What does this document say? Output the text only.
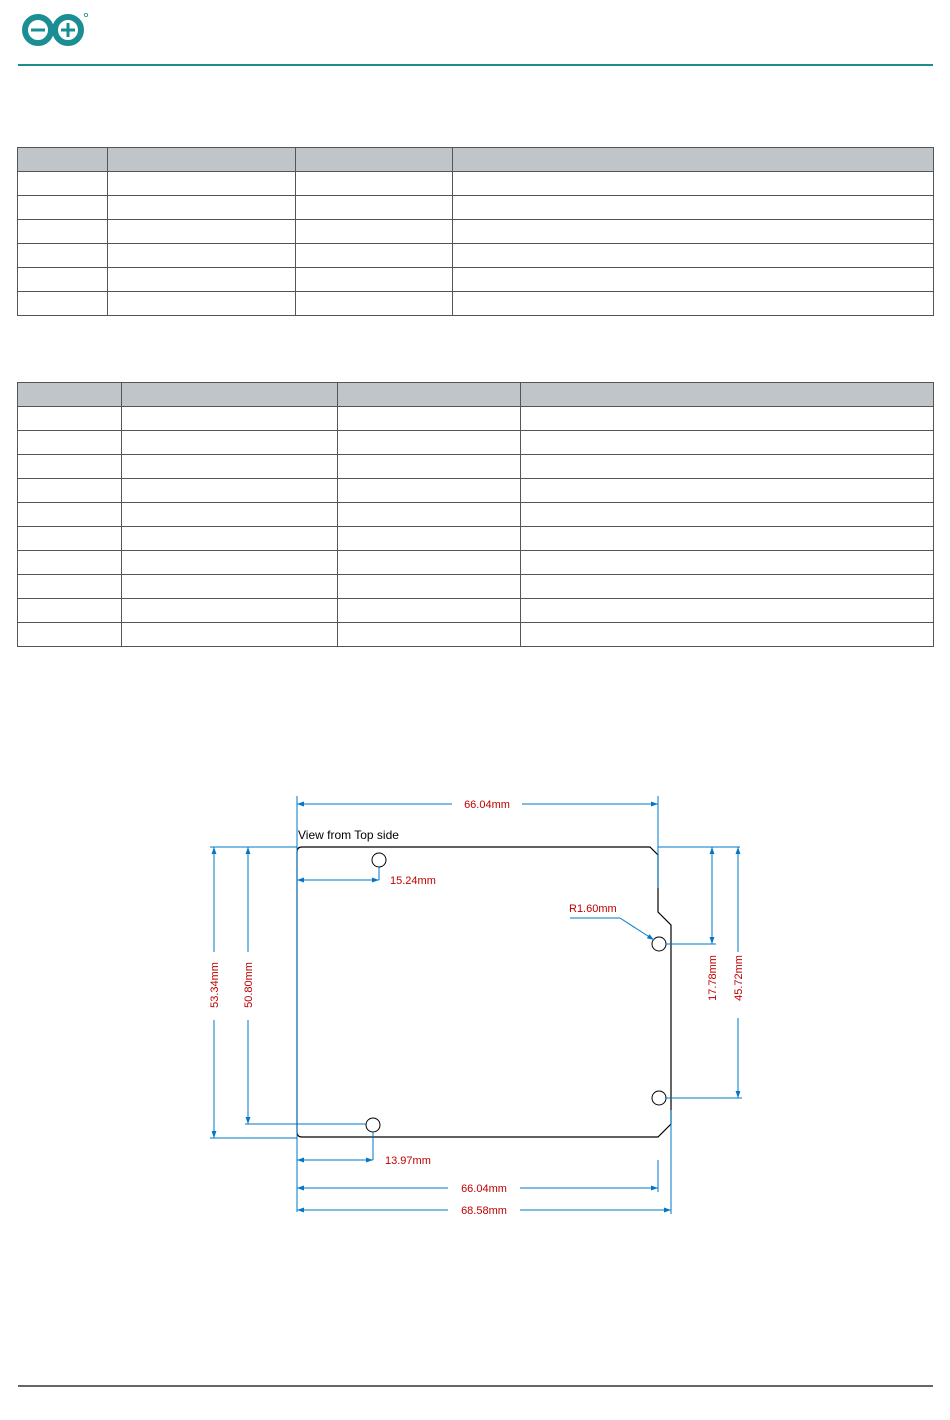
View from Top side
66.04mm
15.24mm
R1.60mm
13.97mm
66.04mm
68.58mm
53.34mm 50.80mm	17.78mm 45.72mm
